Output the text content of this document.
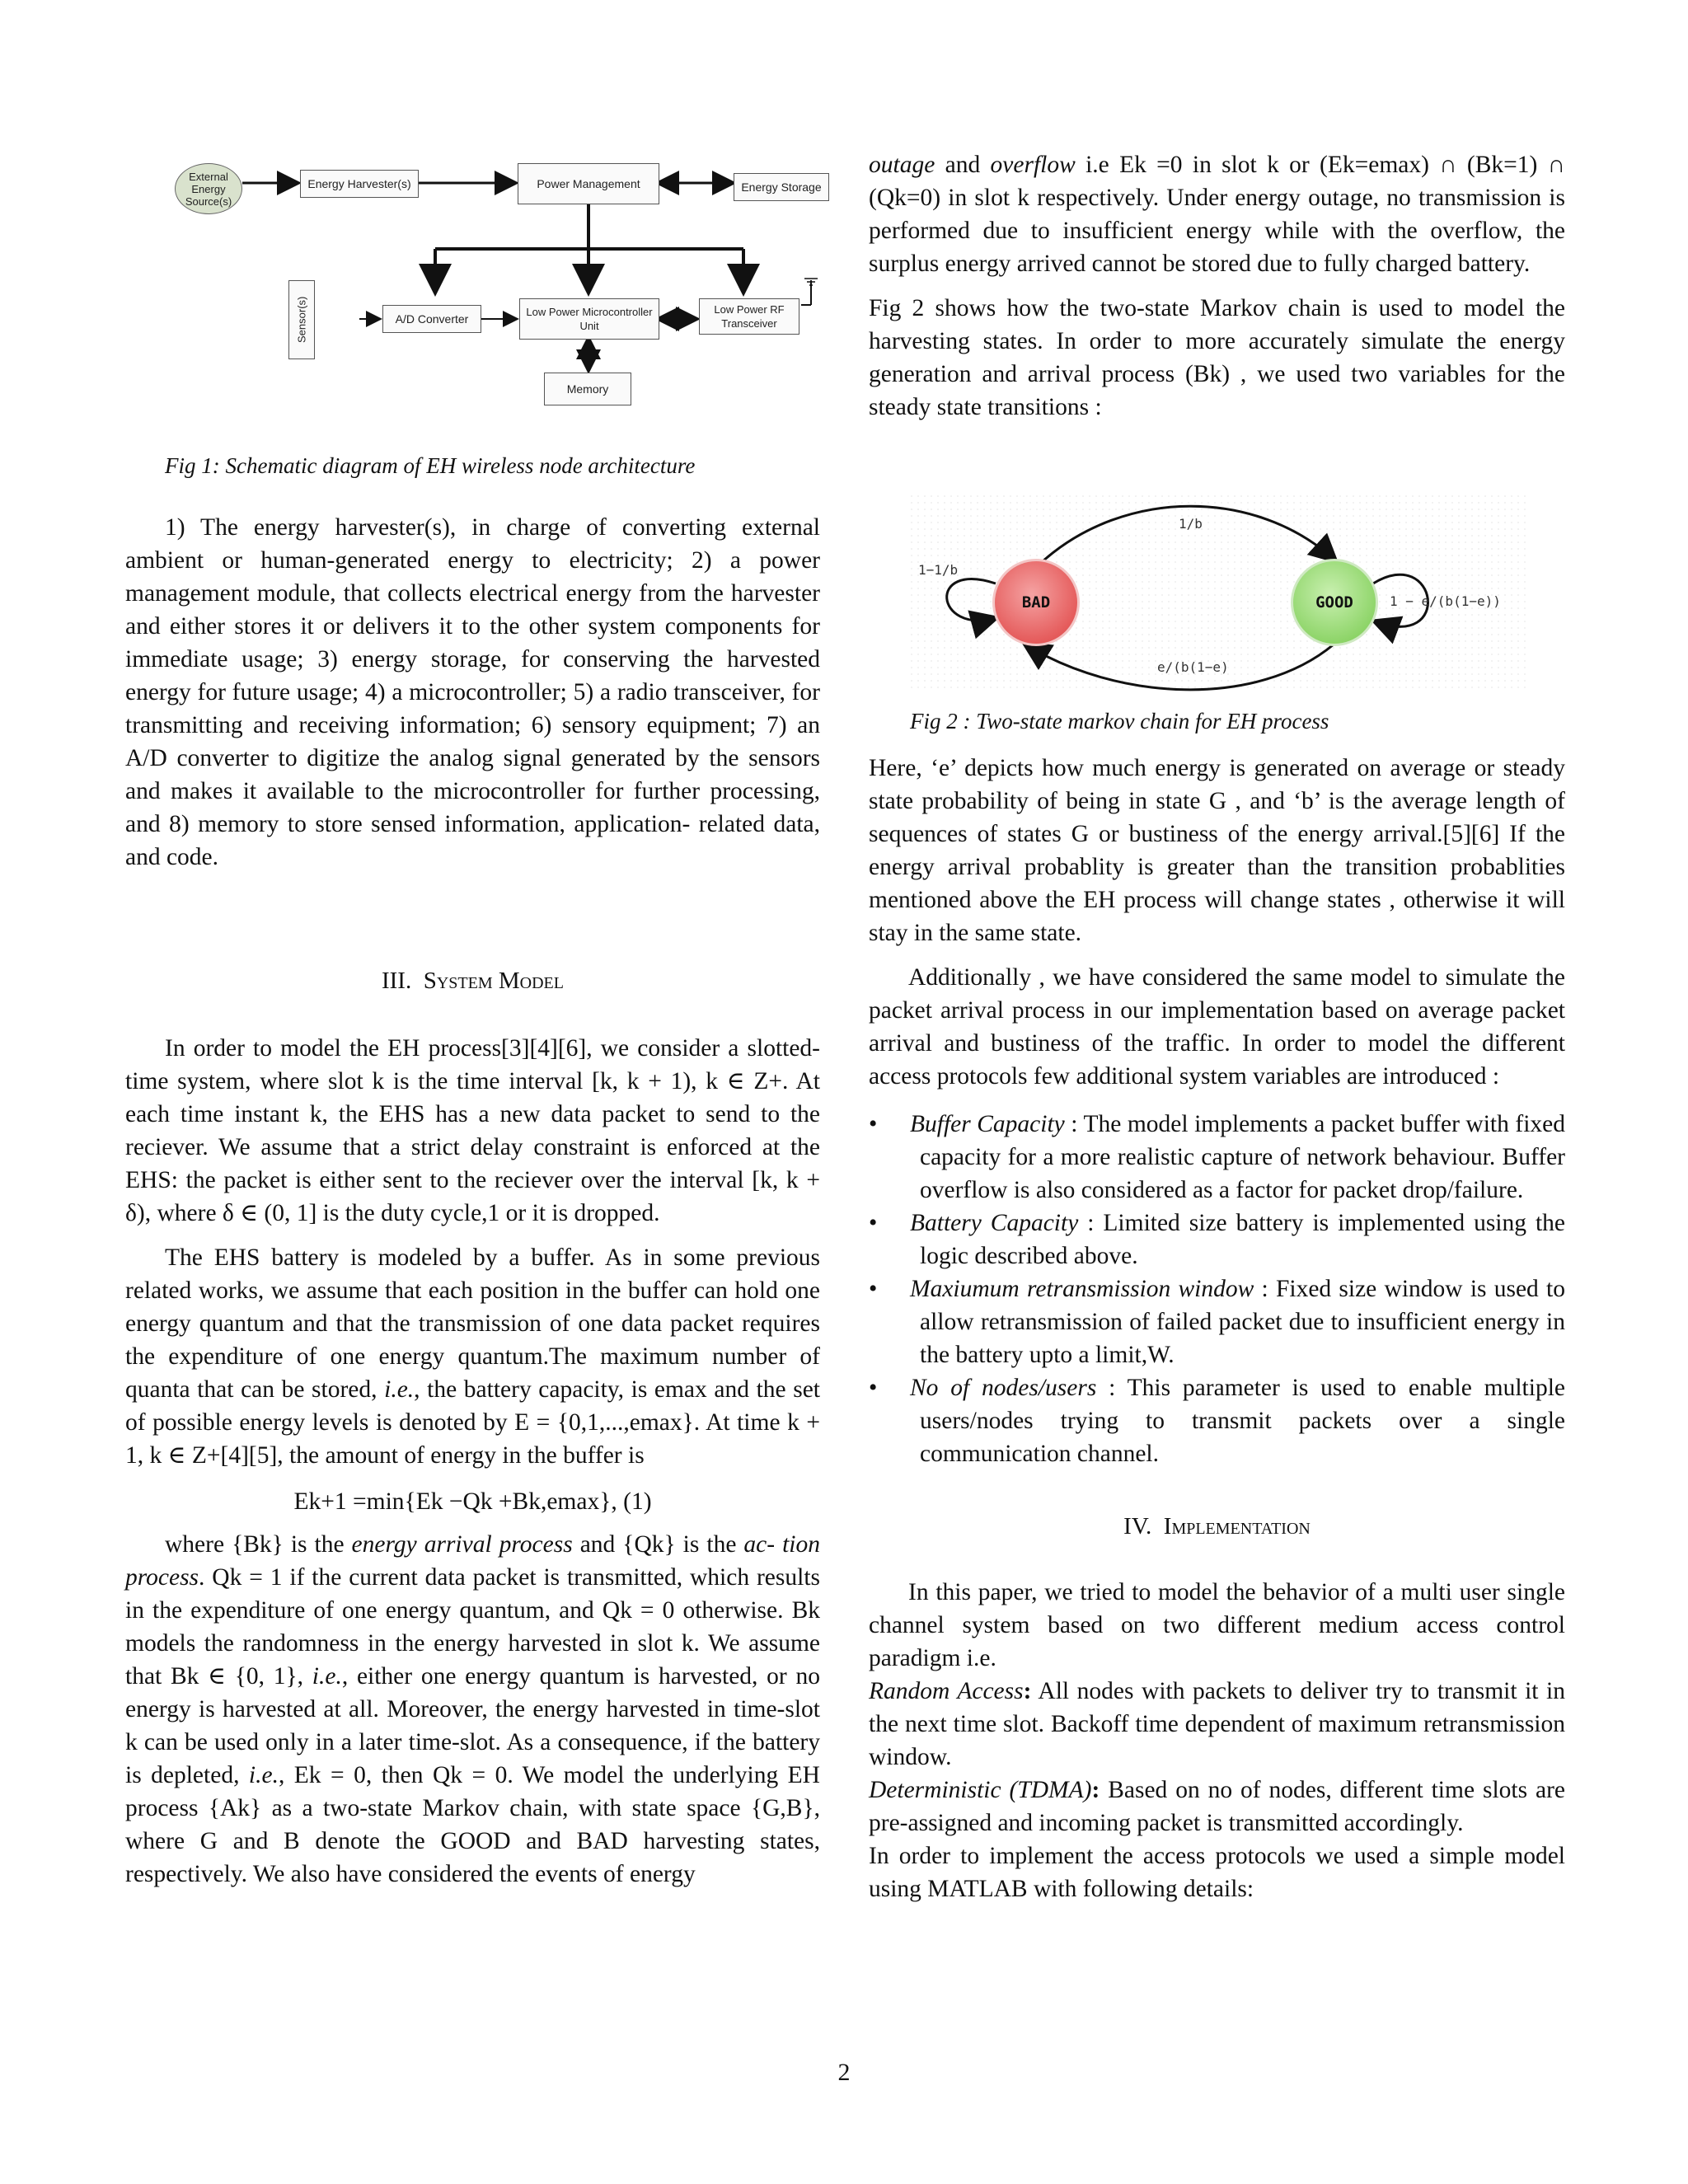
External Energy Source(s)
Energy Harvester(s)	Power Management	Energy Storage
Sensor(s)	A/D Converter	Low Power Microcontroller Unit
Low Power RF Transceiver
Memory
Fig 1: Schematic diagram of EH wireless node architecture

1) The energy harvester(s), in charge of converting external ambient or human-generated energy to electricity; 2) a power management module, that collects electrical energy from the harvester and either stores it or delivers it to the other system components for immediate usage; 3) energy storage, for conserving the harvested energy for future usage; 4) a microcontroller; 5) a radio transceiver, for transmitting and receiving information; 6) sensory equipment; 7) an A/D converter to digitize the analog signal generated by the sensors and makes it available to the microcontroller for further processing, and 8) memory to store sensed information, application- related data, and code.

III. System Model

In order to model the EH process[3][4][6], we consider a slotted-time system, where slot k is the time interval [k, k + 1), k ∈ Z+. At each time instant k, the EHS has a new data packet to send to the reciever. We assume that a strict delay constraint is enforced at the EHS: the packet is either sent to the reciever over the interval [k, k + δ), where δ ∈ (0, 1] is the duty cycle,1 or it is dropped.

The EHS battery is modeled by a buffer. As in some previous related works, we assume that each position in the buffer can hold one energy quantum and that the transmission of one data packet requires the expenditure of one energy quantum.The maximum number of quanta that can be stored, i.e., the battery capacity, is emax and the set of possible energy levels is denoted by E = {0,1,...,emax}. At time k + 1, k ∈ Z+[4][5], the amount of energy in the buffer is

Ek+1 =min{Ek −Qk +Bk,emax}, (1)

where {Bk} is the energy arrival process and {Qk} is the ac- tion process. Qk = 1 if the current data packet is transmitted, which results in the expenditure of one energy quantum, and Qk = 0 otherwise. Bk models the randomness in the energy harvested in slot k. We assume that Bk ∈ {0, 1}, i.e., either one energy quantum is harvested, or no energy is harvested at all. Moreover, the energy harvested in time-slot k can be used only in a later time-slot. As a consequence, if the battery is depleted, i.e., Ek = 0, then Qk = 0. We model the underlying EH process {Ak} as a two-state Markov chain, with state space {G,B}, where G and B denote the GOOD and BAD harvesting states, respectively. We also have considered the events of energy

outage and overflow i.e Ek =0 in slot k or (Ek=emax) ∩ (Bk=1) ∩ (Qk=0) in slot k respectively. Under energy outage, no transmission is performed due to insufficient energy while with the overflow, the surplus energy arrived cannot be stored due to fully charged battery.

Fig 2 shows how the two-state Markov chain is used to model the harvesting states. In order to more accurately simulate the energy generation and arrival process (Bk) , we used two variables for the steady state transitions :

1/b
e/(b(1−e)
1−1/b
1 − e/(b(1−e))
BAD	GOOD
Fig 2 : Two-state markov chain for EH process

Here, ‘e’ depicts how much energy is generated on average or steady state probability of being in state G , and ‘b’ is the average length of sequences of states G or bustiness of the energy arrival.[5][6] If the energy arrival probablity is greater than the transition probablities mentioned above the EH process will change states , otherwise it will stay in the same state.

Additionally , we have considered the same model to simulate the packet arrival process in our implementation based on average packet arrival and bustiness of the traffic. In order to model the different access protocols few additional system variables are introduced :

• Buffer Capacity : The model implements a packet buffer with fixed capacity for a more realistic capture of network behaviour. Buffer overflow is also considered as a factor for packet drop/failure.
• Battery Capacity : Limited size battery is implemented using the logic described above.
• Maxiumum retransmission window : Fixed size window is used to allow retransmission of failed packet due to insufficient energy in the battery upto a limit,W.
• No of nodes/users : This parameter is used to enable multiple users/nodes trying to transmit packets over a single communication channel.

IV. Implementation

In this paper, we tried to model the behavior of a multi user single channel system based on two different medium access control paradigm i.e.

Random Access: All nodes with packets to deliver try to transmit it in the next time slot. Backoff time dependent of maximum retransmission window.

Deterministic (TDMA): Based on no of nodes, different time slots are pre-assigned and incoming packet is transmitted accordingly.

In order to implement the access protocols we used a simple model using MATLAB with following details:

2
